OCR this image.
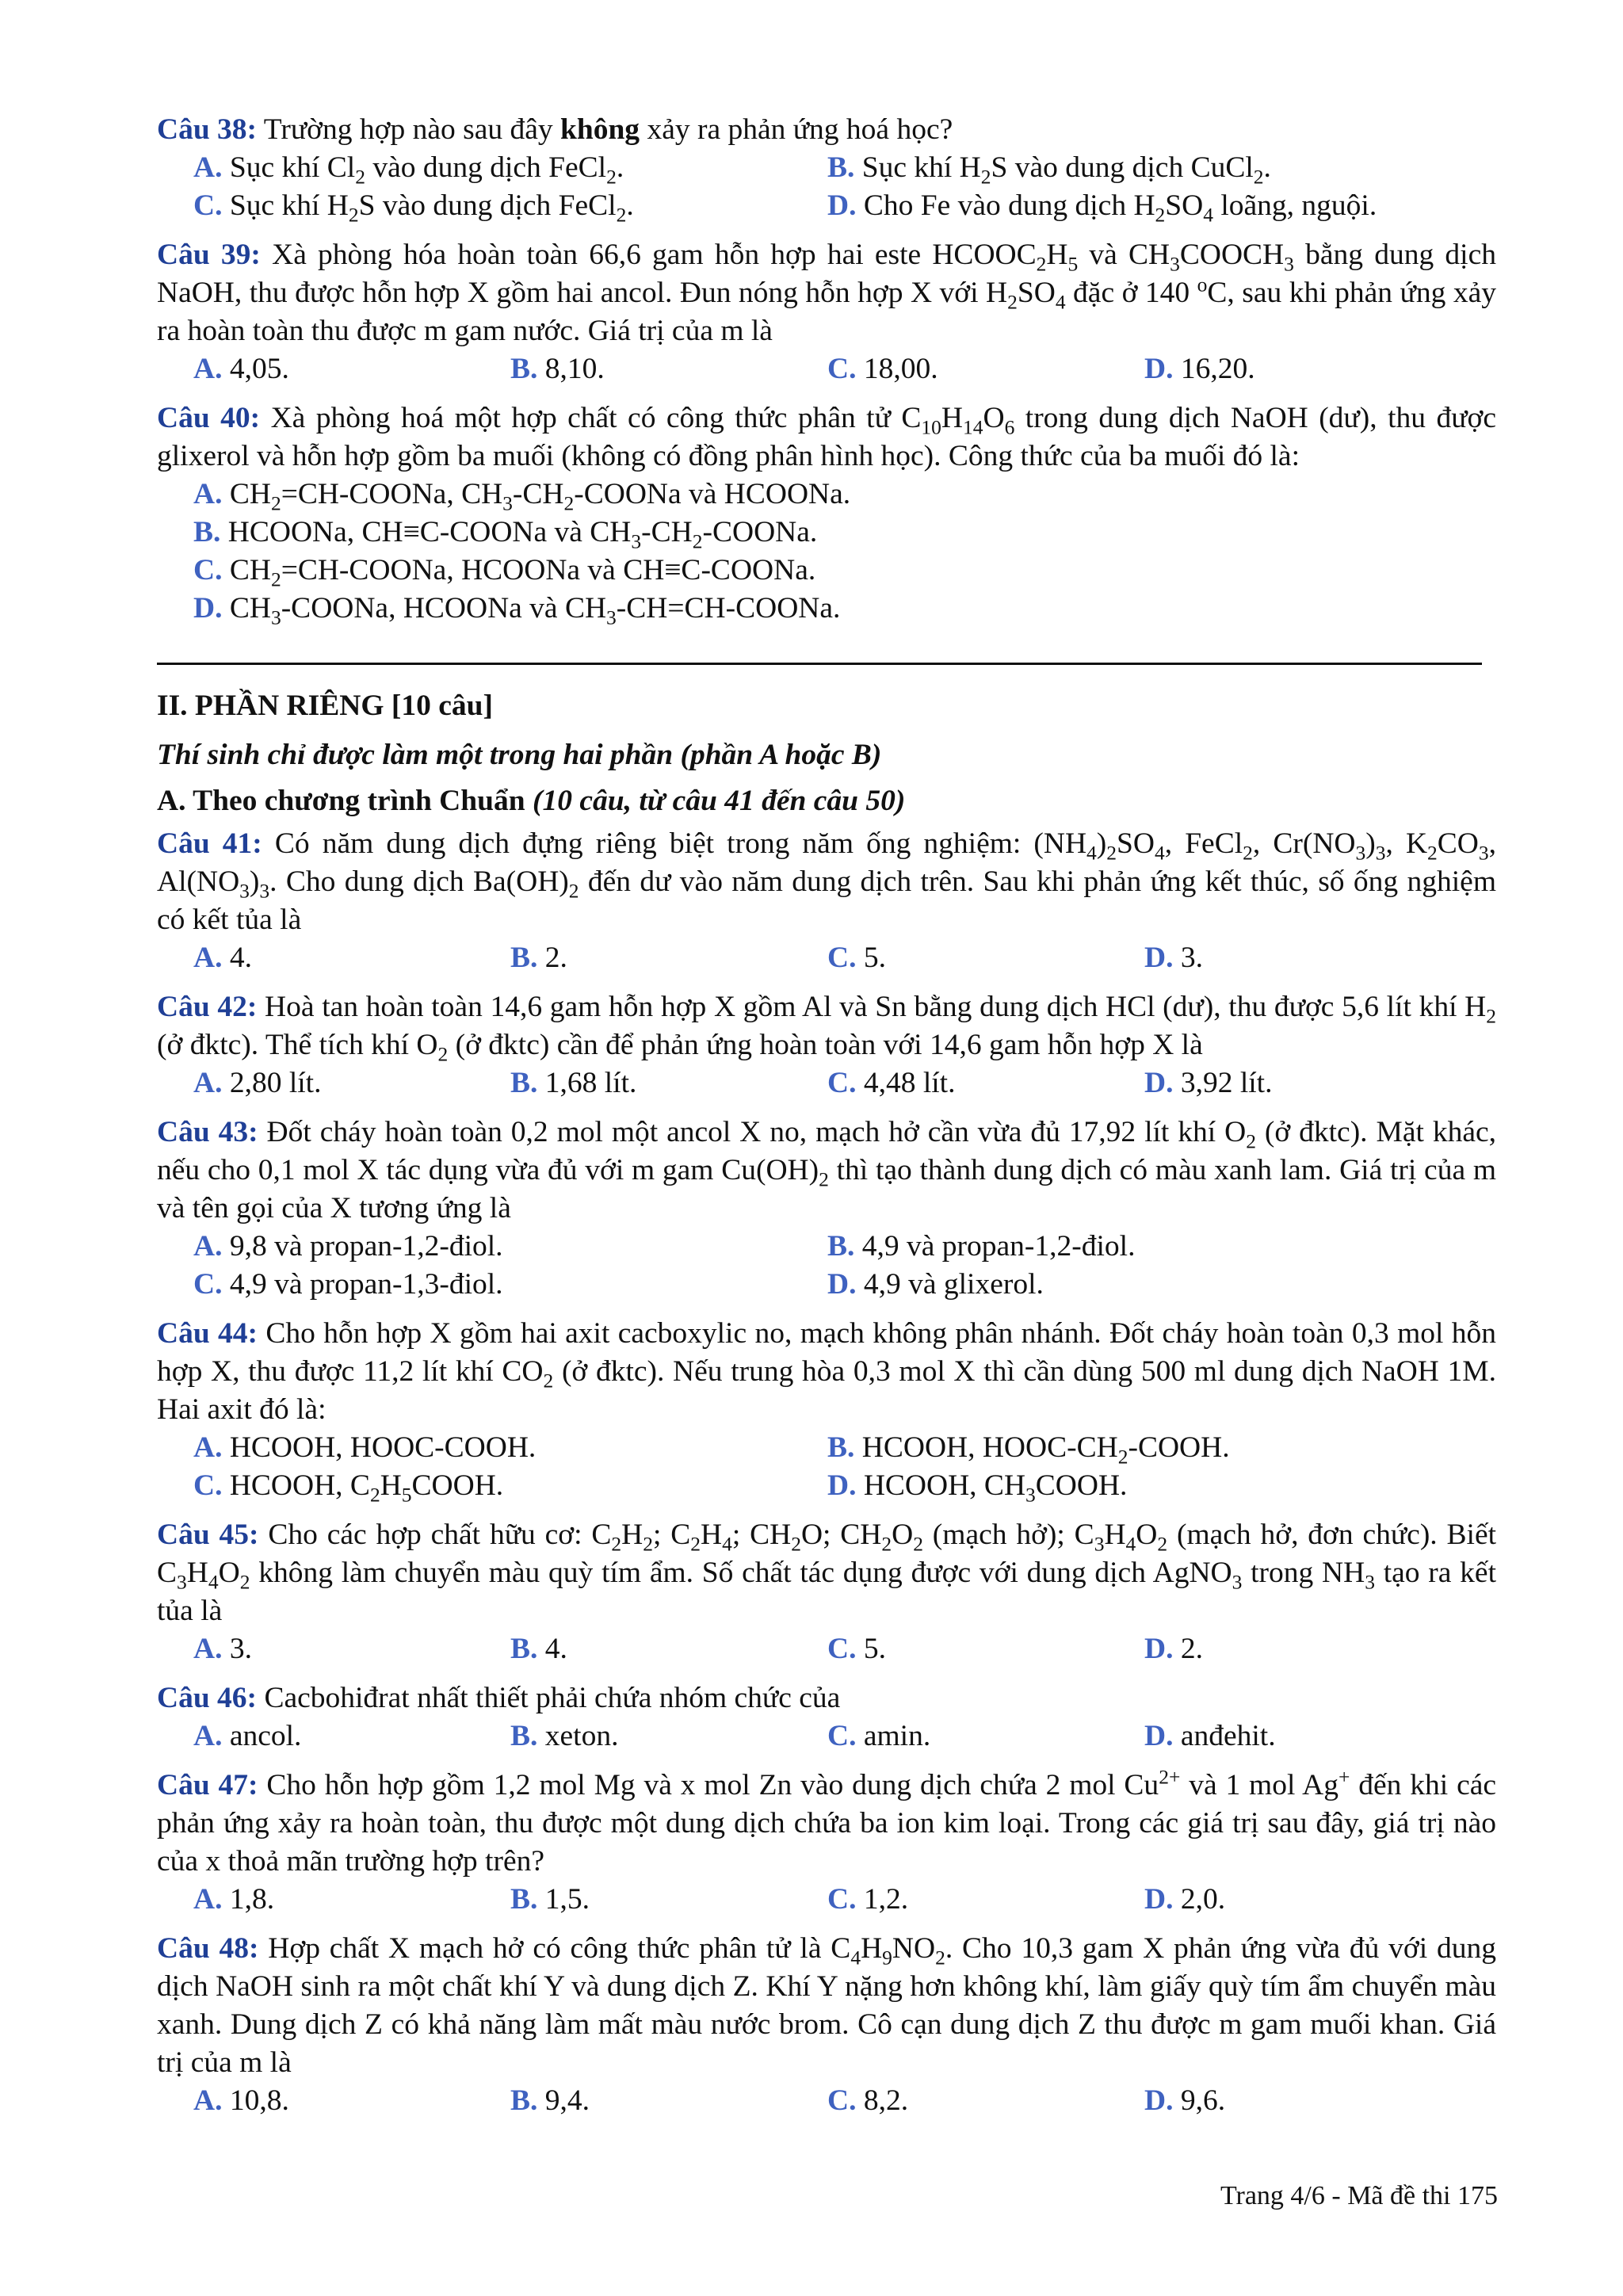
Câu 38: Trường hợp nào sau đây không xảy ra phản ứng hoá học?

A. Sục khí $Cl_2$ vào dung dịch FeCl$_2$.	B. Sục khí $H_2S$ vào dung dịch CuCl$_2$.
C. Sục khí $H_2S$ vào dung dịch FeCl$_2$.	D. Cho Fe vào dung dịch $H_2SO_4$ loãng, nguội.

Câu 39: Xà phòng hóa hoàn toàn 66,6 gam hỗn hợp hai este $HCOOC_2H_5$ và $CH_3COOCH_3$ bằng dung dịch NaOH, thu được hỗn hợp X gồm hai ancol. Đun nóng hỗn hợp X với $H_2SO_4$ đặc ở 140 $^o$C, sau khi phản ứng xảy ra hoàn toàn thu được m gam nước. Giá trị của m là

A. 4,05.	B. 8,10.	C. 18,00.	D. 16,20.

Câu 40: Xà phòng hoá một hợp chất có công thức phân tử $C_{10}H_{14}O_6$ trong dung dịch NaOH (dư), thu được glixerol và hỗn hợp gồm ba muối (không có đồng phân hình học). Công thức của ba muối đó là:

A. $CH_2=CH$-COONa, $CH_3-CH_2$-COONa và HCOONa.
B. HCOONa, CH≡C-COONa và $CH_3-CH_2$-COONa.
C. $CH_2=CH$-COONa, HCOONa và CH≡C-COONa.
D. $CH_3$-COONa, HCOONa và $CH_3-CH=CH$-COONa.

II. PHẦN RIÊNG [10 câu]

Thí sinh chỉ được làm một trong hai phần (phần A hoặc B)

A. Theo chương trình Chuẩn (10 câu, từ câu 41 đến câu 50)

Câu 41: Có năm dung dịch đựng riêng biệt trong năm ống nghiệm: $(NH_4)_2SO_4$, FeCl$_2$, $Cr(NO_3)_3$, $K_2CO_3$, $Al(NO_3)_3$. Cho dung dịch $Ba(OH)_2$ đến dư vào năm dung dịch trên. Sau khi phản ứng kết thúc, số ống nghiệm có kết tủa là

A. 4.	B. 2.	C. 5.	D. 3.

Câu 42: Hoà tan hoàn toàn 14,6 gam hỗn hợp X gồm Al và Sn bằng dung dịch HCl (dư), thu được 5,6 lít khí $H_2$ (ở đktc). Thể tích khí $O_2$ (ở đktc) cần để phản ứng hoàn toàn với 14,6 gam hỗn hợp X là

A. 2,80 lít.	B. 1,68 lít.	C. 4,48 lít.	D. 3,92 lít.

Câu 43: Đốt cháy hoàn toàn 0,2 mol một ancol X no, mạch hở cần vừa đủ 17,92 lít khí $O_2$ (ở đktc). Mặt khác, nếu cho 0,1 mol X tác dụng vừa đủ với m gam $Cu(OH)_2$ thì tạo thành dung dịch có màu xanh lam. Giá trị của m và tên gọi của X tương ứng là

A. 9,8 và propan-1,2-điol.	B. 4,9 và propan-1,2-điol.
C. 4,9 và propan-1,3-điol.	D. 4,9 và glixerol.

Câu 44: Cho hỗn hợp X gồm hai axit cacboxylic no, mạch không phân nhánh. Đốt cháy hoàn toàn 0,3 mol hỗn hợp X, thu được 11,2 lít khí $CO_2$ (ở đktc). Nếu trung hòa 0,3 mol X thì cần dùng 500 ml dung dịch NaOH 1M. Hai axit đó là:

A. HCOOH, HOOC-COOH.	B. HCOOH, HOOC-$CH_2$-COOH.
C. HCOOH, $C_2H_5COOH$.	D. HCOOH, $CH_3COOH$.

Câu 45: Cho các hợp chất hữu cơ: $C_2H_2$; $C_2H_4$; $CH_2O$; $CH_2O_2$ (mạch hở); $C_3H_4O_2$ (mạch hở, đơn chức). Biết $C_3H_4O_2$ không làm chuyển màu quỳ tím ẩm. Số chất tác dụng được với dung dịch AgNO$_3$ trong $NH_3$ tạo ra kết tủa là

A. 3.	B. 4.	C. 5.	D. 2.

Câu 46: Cacbohiđrat nhất thiết phải chứa nhóm chức của

A. ancol.	B. xeton.	C. amin.	D. anđehit.

Câu 47: Cho hỗn hợp gồm 1,2 mol Mg và x mol Zn vào dung dịch chứa 2 mol $Cu^{2+}$ và 1 mol Ag+ đến khi các phản ứng xảy ra hoàn toàn, thu được một dung dịch chứa ba ion kim loại. Trong các giá trị sau đây, giá trị nào của x thoả mãn trường hợp trên?

A. 1,8.	B. 1,5.	C. 1,2.	D. 2,0.

Câu 48: Hợp chất X mạch hở có công thức phân tử là $C_4H_9NO_2$. Cho 10,3 gam X phản ứng vừa đủ với dung dịch NaOH sinh ra một chất khí Y và dung dịch Z. Khí Y nặng hơn không khí, làm giấy quỳ tím ẩm chuyển màu xanh. Dung dịch Z có khả năng làm mất màu nước brom. Cô cạn dung dịch Z thu được m gam muối khan. Giá trị của m là

A. 10,8.	B. 9,4.	C. 8,2.	D. 9,6.
Trang 4/6 - Mã đề thi 175
